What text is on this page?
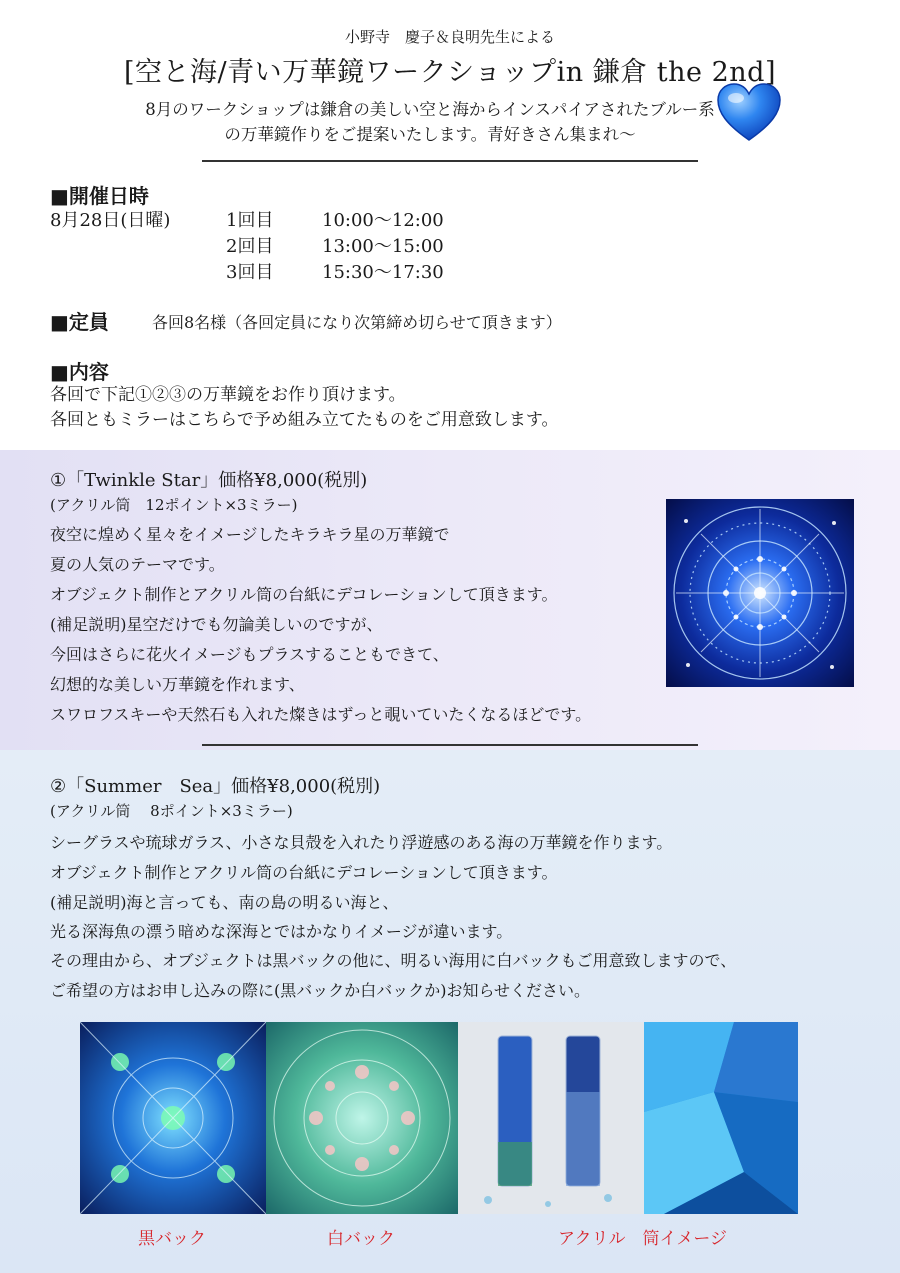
小野寺　慶子＆良明先生による
[空と海/青い万華鏡ワークショップin 鎌倉 the 2nd]
8月のワークショップは鎌倉の美しい空と海からインスパイアされたブルー系の万華鏡作りをご提案いたします。青好きさん集まれ〜
■開催日時
8月28日(日曜)	1回目	10:00〜12:00
2回目	13:00〜15:00
3回目	15:30〜17:30
■定員	各回8名様（各回定員になり次第締め切らせて頂きます）
■内容
各回で下記①②③の万華鏡をお作り頂けます。
各回ともミラーはこちらで予め組み立てたものをご用意致します。
①「Twinkle Star」価格¥8,000(税別)
(アクリル筒　12ポイント×3ミラー)
夜空に煌めく星々をイメージしたキラキラ星の万華鏡で
夏の人気のテーマです。
オブジェクト制作とアクリル筒の台紙にデコレーションして頂きます。
(補足説明)星空だけでも勿論美しいのですが、
今回はさらに花火イメージもプラスすることもできて、
幻想的な美しい万華鏡を作れます、
スワロフスキーや天然石も入れた燦きはずっと覗いていたくなるほどです。
②「Summer　Sea」価格¥8,000(税別)
(アクリル筒　 8ポイント×3ミラー)
シーグラスや琉球ガラス、小さな貝殻を入れたり浮遊感のある海の万華鏡を作ります。
オブジェクト制作とアクリル筒の台紙にデコレーションして頂きます。
(補足説明)海と言っても、南の島の明るい海と、
光る深海魚の漂う暗めな深海とではかなりイメージが違います。
その理由から、オブジェクトは黒バックの他に、明るい海用に白バックもご用意致しますので、
ご希望の方はお申し込みの際に(黒バックか白バックか)お知らせください。
黒バック	白バック	アクリル　筒イメージ
